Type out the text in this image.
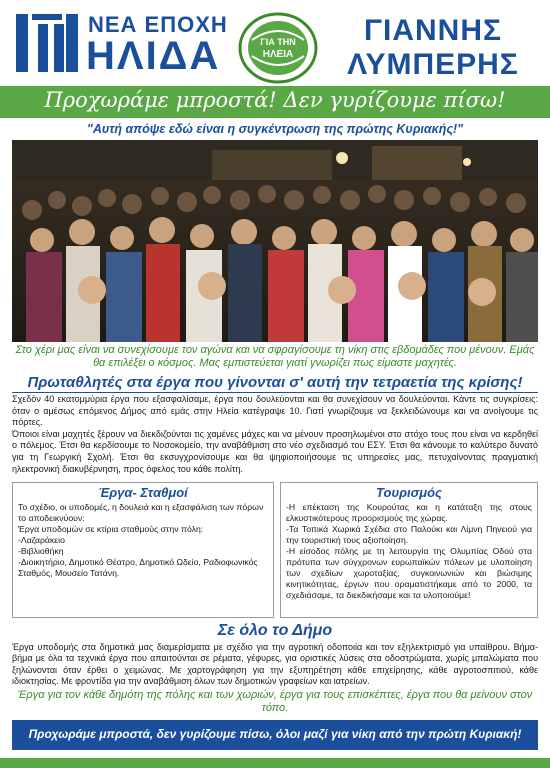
ΝΕΑ ΕΠΟΧΗ
ΗΛΙΔΑ	ΓΙΑ ΤΗΝ
ΗΛΕΙΑ
ΓΙΑΝΝΗΣ
ΛΥΜΠΕΡΗΣ
Προχωράμε μπροστά! Δεν γυρίζουμε πίσω!
"Αυτή απόψε εδώ είναι η συγκέντρωση της πρώτης Κυριακής!"
Στο χέρι μας είναι να συνεχίσουμε τον αγώνα και να σφραγίσουμε τη νίκη στις εβδομάδες που μένουν. Εμάς θα επιλέξει ο κόσμος. Μας εμπιστεύεται γιατί γνωρίζει πως είμαστε μαχητές.
Πρωταθλητές στα έργα που γίνονται σ' αυτή την τετραετία της κρίσης!

Σχεδόν 40 εκατομμύρια έργα που εξασφαλίσαμε, έργα που δουλεύονται και θα συνεχίσουν να δουλεύονται. Κάντε τις συγκρίσεις: όταν ο αμέσως επόμενος Δήμος από εμάς στην Ηλεία κατέγραψε 10. Γιατί γνωρίζουμε να ξεκλειδώνουμε και να ανοίγουμε τις πόρτες.

Όποιοι είναι μαχητές ξέρουν να διεκδιζούνται τις χαμένες μάχες και να μένουν προσηλωμένοι στο στόχο τους που είναι να κερδηθεί ο πόλεμος. Έτσι θα κερδίσουμε το Νοσοκομείο, την αναβάθμιση στο νέο σχεδιασμό του ΕΣΥ. Έτσι θα κάνουμε το καλύτερο δυνατό για τη Γεωργική Σχολή. Έτσι θα εκσυγχρονίσουμε και θα ψηφιοποιήσουμε τις υπηρεσίες μας, πετυχαίνοντας πραγματική ηλεκτρονική διακυβέρνηση, προς όφελος του κάθε πολίτη.

Έργα- Σταθμοί
Το σχέδιο, οι υποδομές, η δουλειά και η εξασφάλιση των πόρων το αποδεικνύουν:
Έργα υποδομών σε κτίρια σταθμούς στην πόλη:
-Λαζαράκειο
-Βιβλιοθήκη
-Διοικητήριο, Δημοτικό Θέατρο, Δημοτικό Ωδείο, Ραδιοφωνικός Σταθμός, Μουσείο Τατάνη.
Τουρισμός
-Η επέκταση της Κουρούτας και η κατάταξη της στους ελκυστικότερους προορισμούς της χώρας.
-Τα Τοπικά Χωρικά Σχέδια στο Παλούκι και Λίμνη Πηνειού για την τουριστική τους αξιοποίηση.
-Η είσοδος πόλης με τη λειτουργία της Ολυμπίας Οδού στα πρότυπα των σύγχρονων ευρωπαϊκών πόλεων με υλοποίηση των σχεδίων χωροταξίας, συγκοινωνιών και βιώσιμης κινητικότητας, έργων που οραματιστήκαμε από το 2000, τα σχεδιάσαμε, τα διεκδικήσαμε και τα υλοποιούμε!
Σε όλο το Δήμο
Έργα υποδομής στα δημοτικά μας διαμερίσματα με σχέδιο για την αγροτική οδοποιία και τον εξηλεκτρισμό για υπαίθρου. Βήμα- βήμα με όλα τα τεχνικά έργα που απαιτούνται σε ρέματα, γέφυρες, για οριστικές λύσεις στα οδοστρώματα, χωρίς μπαλώματα που ξηλώνονται όταν έρθει ο χειμώνας. Με χαρτογράφηση για την εξυπηρέτηση κάθε επιχείρησης, κάθε αγροτοσπιτιού, κάθε ιδιοκτησίας. Με φροντίδα για την αναβάθμιση όλων των δημοτικών γραφείων και ιατρείων.
Έργα για τον κάθε δημότη της πόλης και των χωριών, έργα για τους επισκέπτες, έργα που θα μείνουν στον τόπο.
Προχωράμε μπροστά, δεν γυρίζουμε πίσω, όλοι μαζί για νίκη από την πρώτη Κυριακή!
